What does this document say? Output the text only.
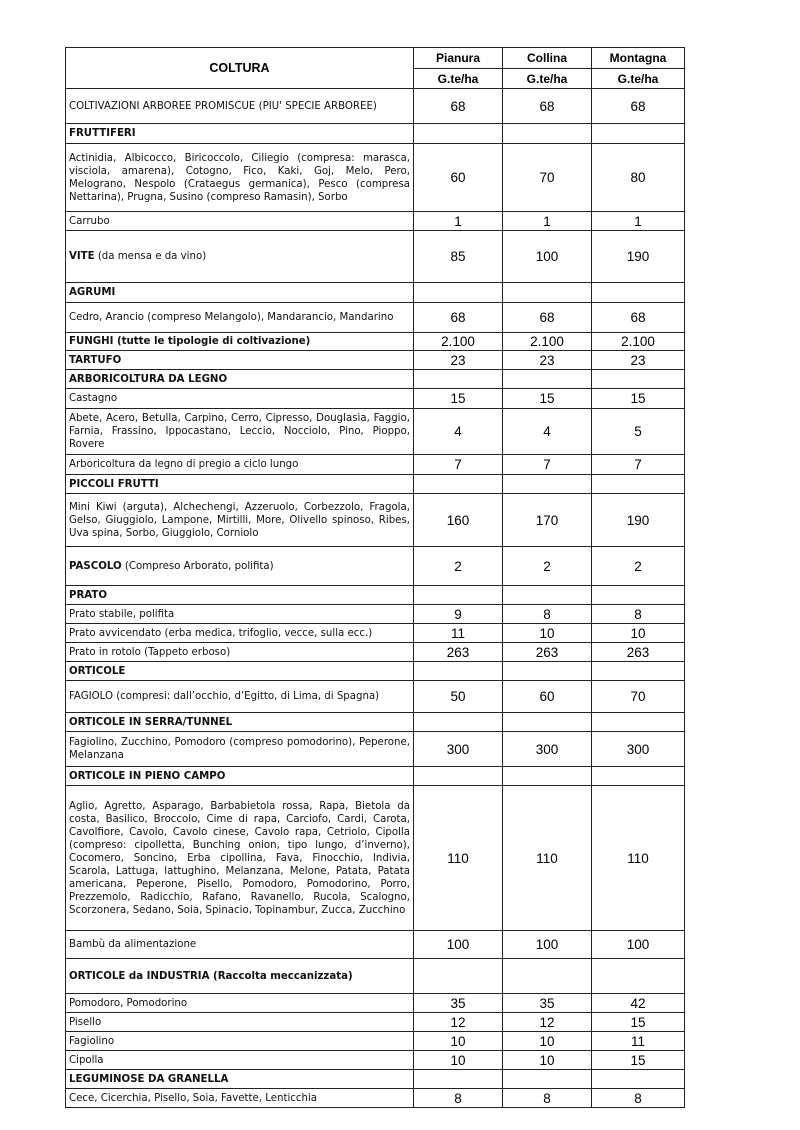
COLTURA	Pianura	Collina	Montagna
	G.te/ha	G.te/ha	G.te/ha
COLTIVAZIONI ARBOREE PROMISCUE (PIU' SPECIE ARBOREE)	68	68	68
FRUTTIFERI			
Actinidia, Albicocco, Biricoccolo, Ciliegio (compresa: marasca, visciola, amarena), Cotogno, Fico, Kaki, Goj, Melo, Pero, Melograno, Nespolo (Crataegus germanica), Pesco (compresa Nettarina), Prugna, Susino (compreso Ramasin), Sorbo	60	70	80
Carrubo	1	1	1
VITE (da mensa e da vino)	85	100	190
AGRUMI			
Cedro, Arancio (compreso Melangolo), Mandarancio, Mandarino	68	68	68
FUNGHI (tutte le tipologie di coltivazione)	2.100	2.100	2.100
TARTUFO	23	23	23
ARBORICOLTURA DA LEGNO			
Castagno	15	15	15
Abete, Acero, Betulla, Carpino, Cerro, Cipresso, Douglasia, Faggio, Farnia, Frassino, Ippocastano, Leccio, Nocciolo, Pino, Pioppo, Rovere	4	4	5
Arboricoltura da legno di pregio a ciclo lungo	7	7	7
PICCOLI FRUTTI			
Mini Kiwi (arguta), Alchechengi, Azzeruolo, Corbezzolo, Fragola, Gelso, Giuggiolo, Lampone, Mirtilli, More, Olivello spinoso, Ribes, Uva spina, Sorbo, Giuggiolo, Corniolo	160	170	190
PASCOLO (Compreso Arborato, polifita)	2	2	2
PRATO			
Prato stabile, polifita	9	8	8
Prato avvicendato (erba medica, trifoglio, vecce, sulla ecc.)	11	10	10
Prato in rotolo (Tappeto erboso)	263	263	263
ORTICOLE			
FAGIOLO (compresi: dall’occhio, d’Egitto, di Lima, di Spagna)	50	60	70
ORTICOLE IN SERRA/TUNNEL			
Fagiolino, Zucchino, Pomodoro (compreso pomodorino), Peperone, Melanzana	300	300	300
ORTICOLE IN PIENO CAMPO			
Aglio, Agretto, Asparago, Barbabietola rossa, Rapa, Bietola da costa, Basilico, Broccolo, Cime di rapa, Carciofo, Cardi, Carota, Cavolfiore, Cavolo, Cavolo cinese, Cavolo rapa, Cetriolo, Cipolla (compreso: cipolletta, Bunching onion, tipo lungo, d’inverno), Cocomero, Soncino, Erba cipollina, Fava, Finocchio, Indivia, Scarola, Lattuga, lattughino, Melanzana, Melone, Patata, Patata americana, Peperone, Pisello, Pomodoro, Pomodorino, Porro, Prezzemolo, Radicchio, Rafano, Ravanello, Rucola, Scalogno, Scorzonera, Sedano, Soia, Spinacio, Topinambur, Zucca, Zucchino	110	110	110
Bambù da alimentazione	100	100	100
ORTICOLE da INDUSTRIA (Raccolta meccanizzata)			
Pomodoro, Pomodorino	35	35	42
Pisello	12	12	15
Fagiolino	10	10	11
Cipolla	10	10	15
LEGUMINOSE DA GRANELLA			
Cece, Cicerchia, Pisello, Soia, Favette, Lenticchia	8	8	8
